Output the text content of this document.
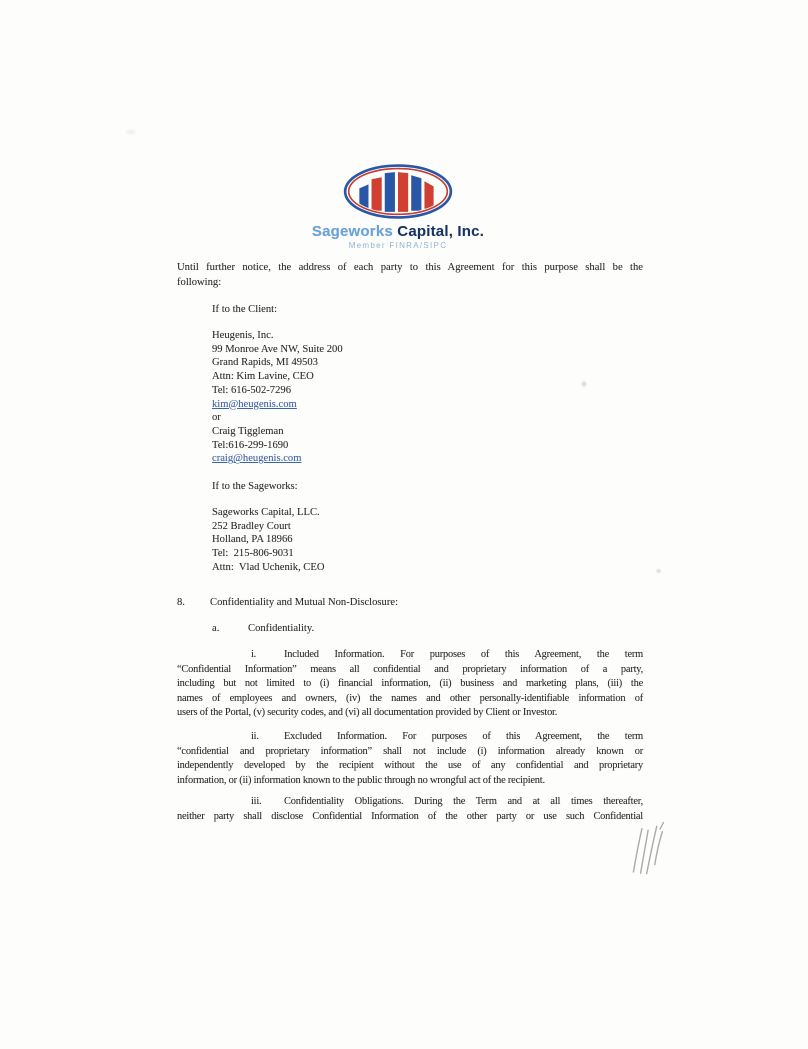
Sageworks Capital, Inc.
Member FINRA/SIPC
Until further notice, the address of each party to this Agreement for this purpose shall be the
following:
If to the Client:
Heugenis, Inc.
99 Monroe Ave NW, Suite 200
Grand Rapids, MI 49503
Attn: Kim Lavine, CEO
Tel: 616-502-7296
kim@heugenis.com
or
Craig Tiggleman
Tel:616-299-1690
craig@heugenis.com
If to the Sageworks:
Sageworks Capital, LLC.
252 Bradley Court
Holland, PA 18966
Tel:  215-806-9031
Attn:  Vlad Uchenik, CEO
8. Confidentiality and Mutual Non-Disclosure:
a.	Confidentiality.
i.	Included Information. For purposes of this Agreement, the term
“Confidential Information” means all confidential and proprietary information of a party,
including but not limited to (i) financial information, (ii) business and marketing plans, (iii) the
names of employees and owners, (iv) the names and other personally-identifiable information of
users of the Portal, (v) security codes, and (vi) all documentation provided by Client or Investor.
ii. Excluded Information. For purposes of this Agreement, the term
“confidential and proprietary information” shall not include (i) information already known or
independently developed by the recipient without the use of any confidential and proprietary
information, or (ii) information known to the public through no wrongful act of the recipient.
iii. Confidentiality Obligations. During the Term and at all times thereafter,
neither party shall disclose Confidential Information of the other party or use such Confidential
